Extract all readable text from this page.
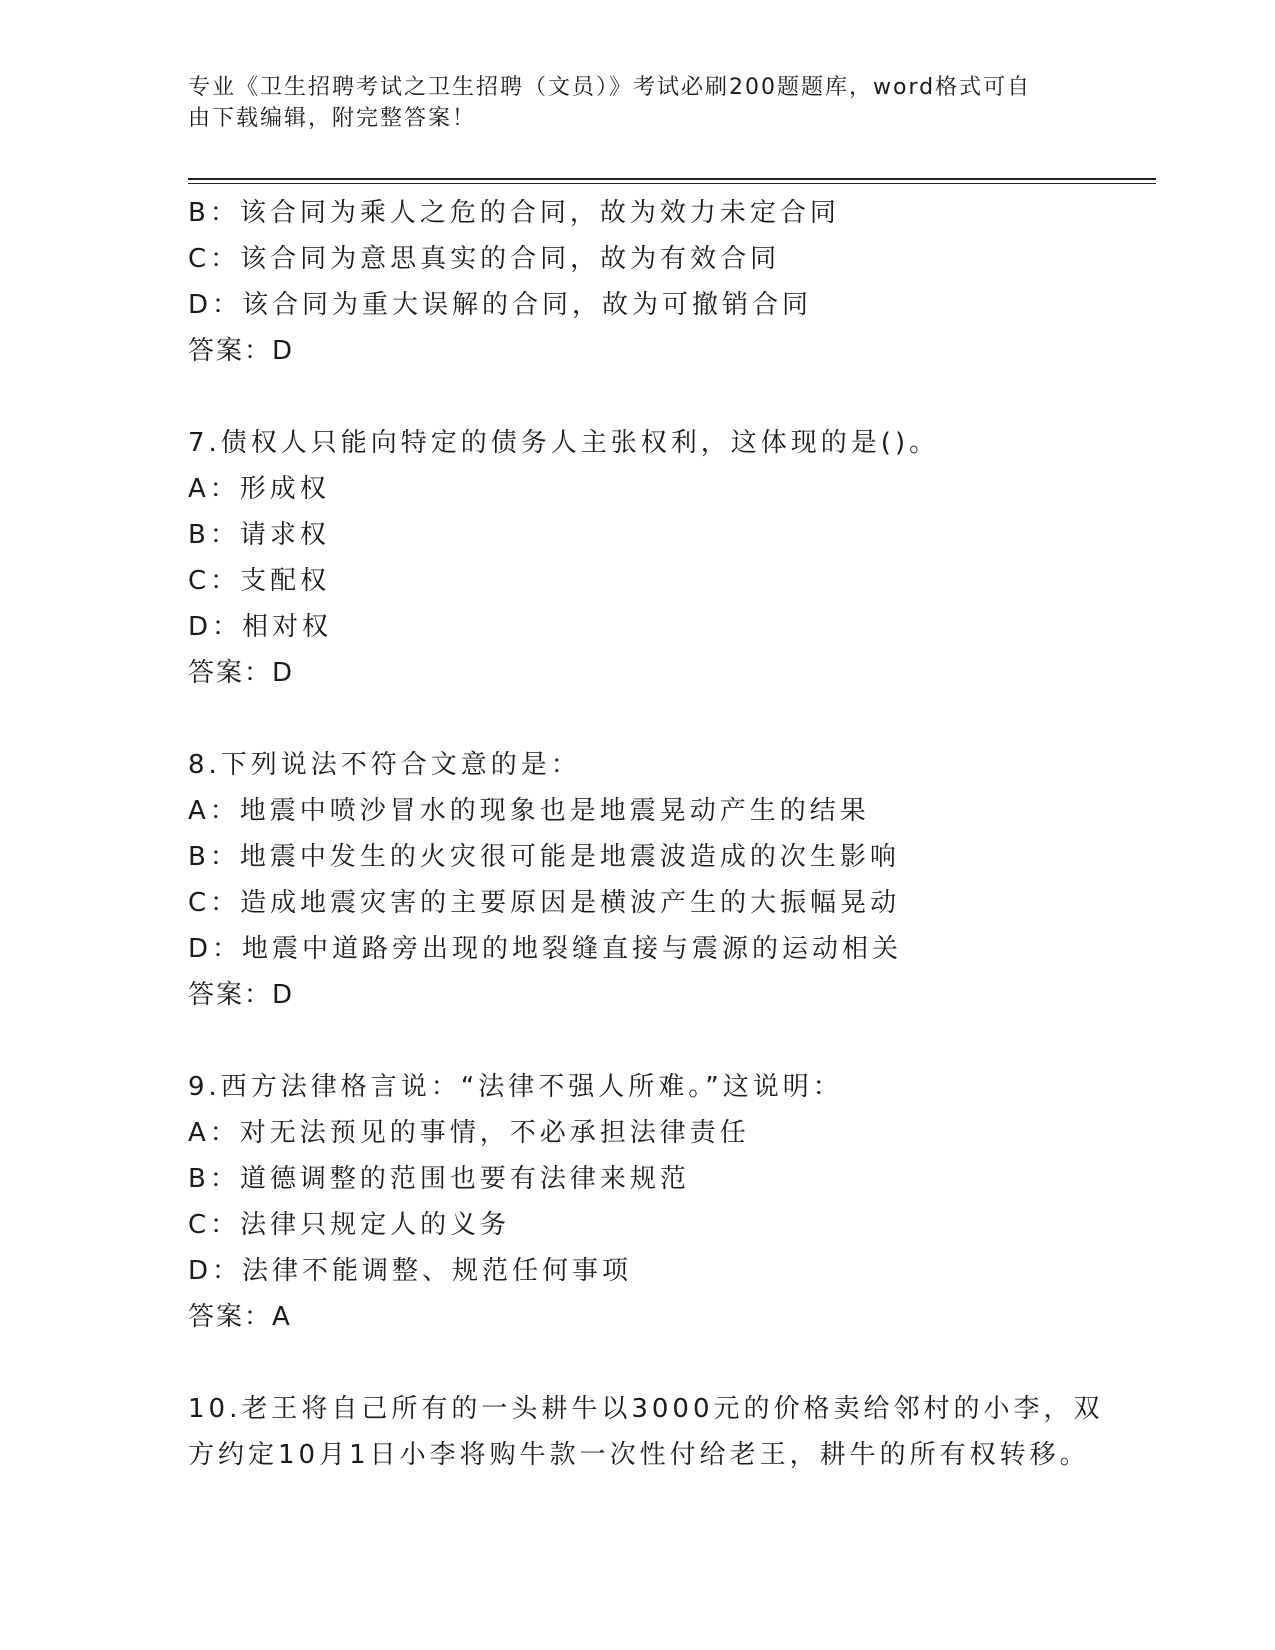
专业《卫生招聘考试之卫生招聘（文员）》考试必刷200题题库，word格式可自
由下载编辑，附完整答案！
B：该合同为乘人之危的合同，故为效力未定合同
C：该合同为意思真实的合同，故为有效合同
D：该合同为重大误解的合同，故为可撤销合同
答案：D
7.债权人只能向特定的债务人主张权利，这体现的是()。
A：形成权
B：请求权
C：支配权
D：相对权
答案：D
8.下列说法不符合文意的是：
A：地震中喷沙冒水的现象也是地震晃动产生的结果
B：地震中发生的火灾很可能是地震波造成的次生影响
C：造成地震灾害的主要原因是横波产生的大振幅晃动
D：地震中道路旁出现的地裂缝直接与震源的运动相关
答案：D
9.西方法律格言说：“法律不强人所难。”这说明：
A：对无法预见的事情，不必承担法律责任
B：道德调整的范围也要有法律来规范
C：法律只规定人的义务
D：法律不能调整、规范任何事项
答案：A
10.老王将自己所有的一头耕牛以3000元的价格卖给邻村的小李，双
方约定10月1日小李将购牛款一次性付给老王，耕牛的所有权转移。
